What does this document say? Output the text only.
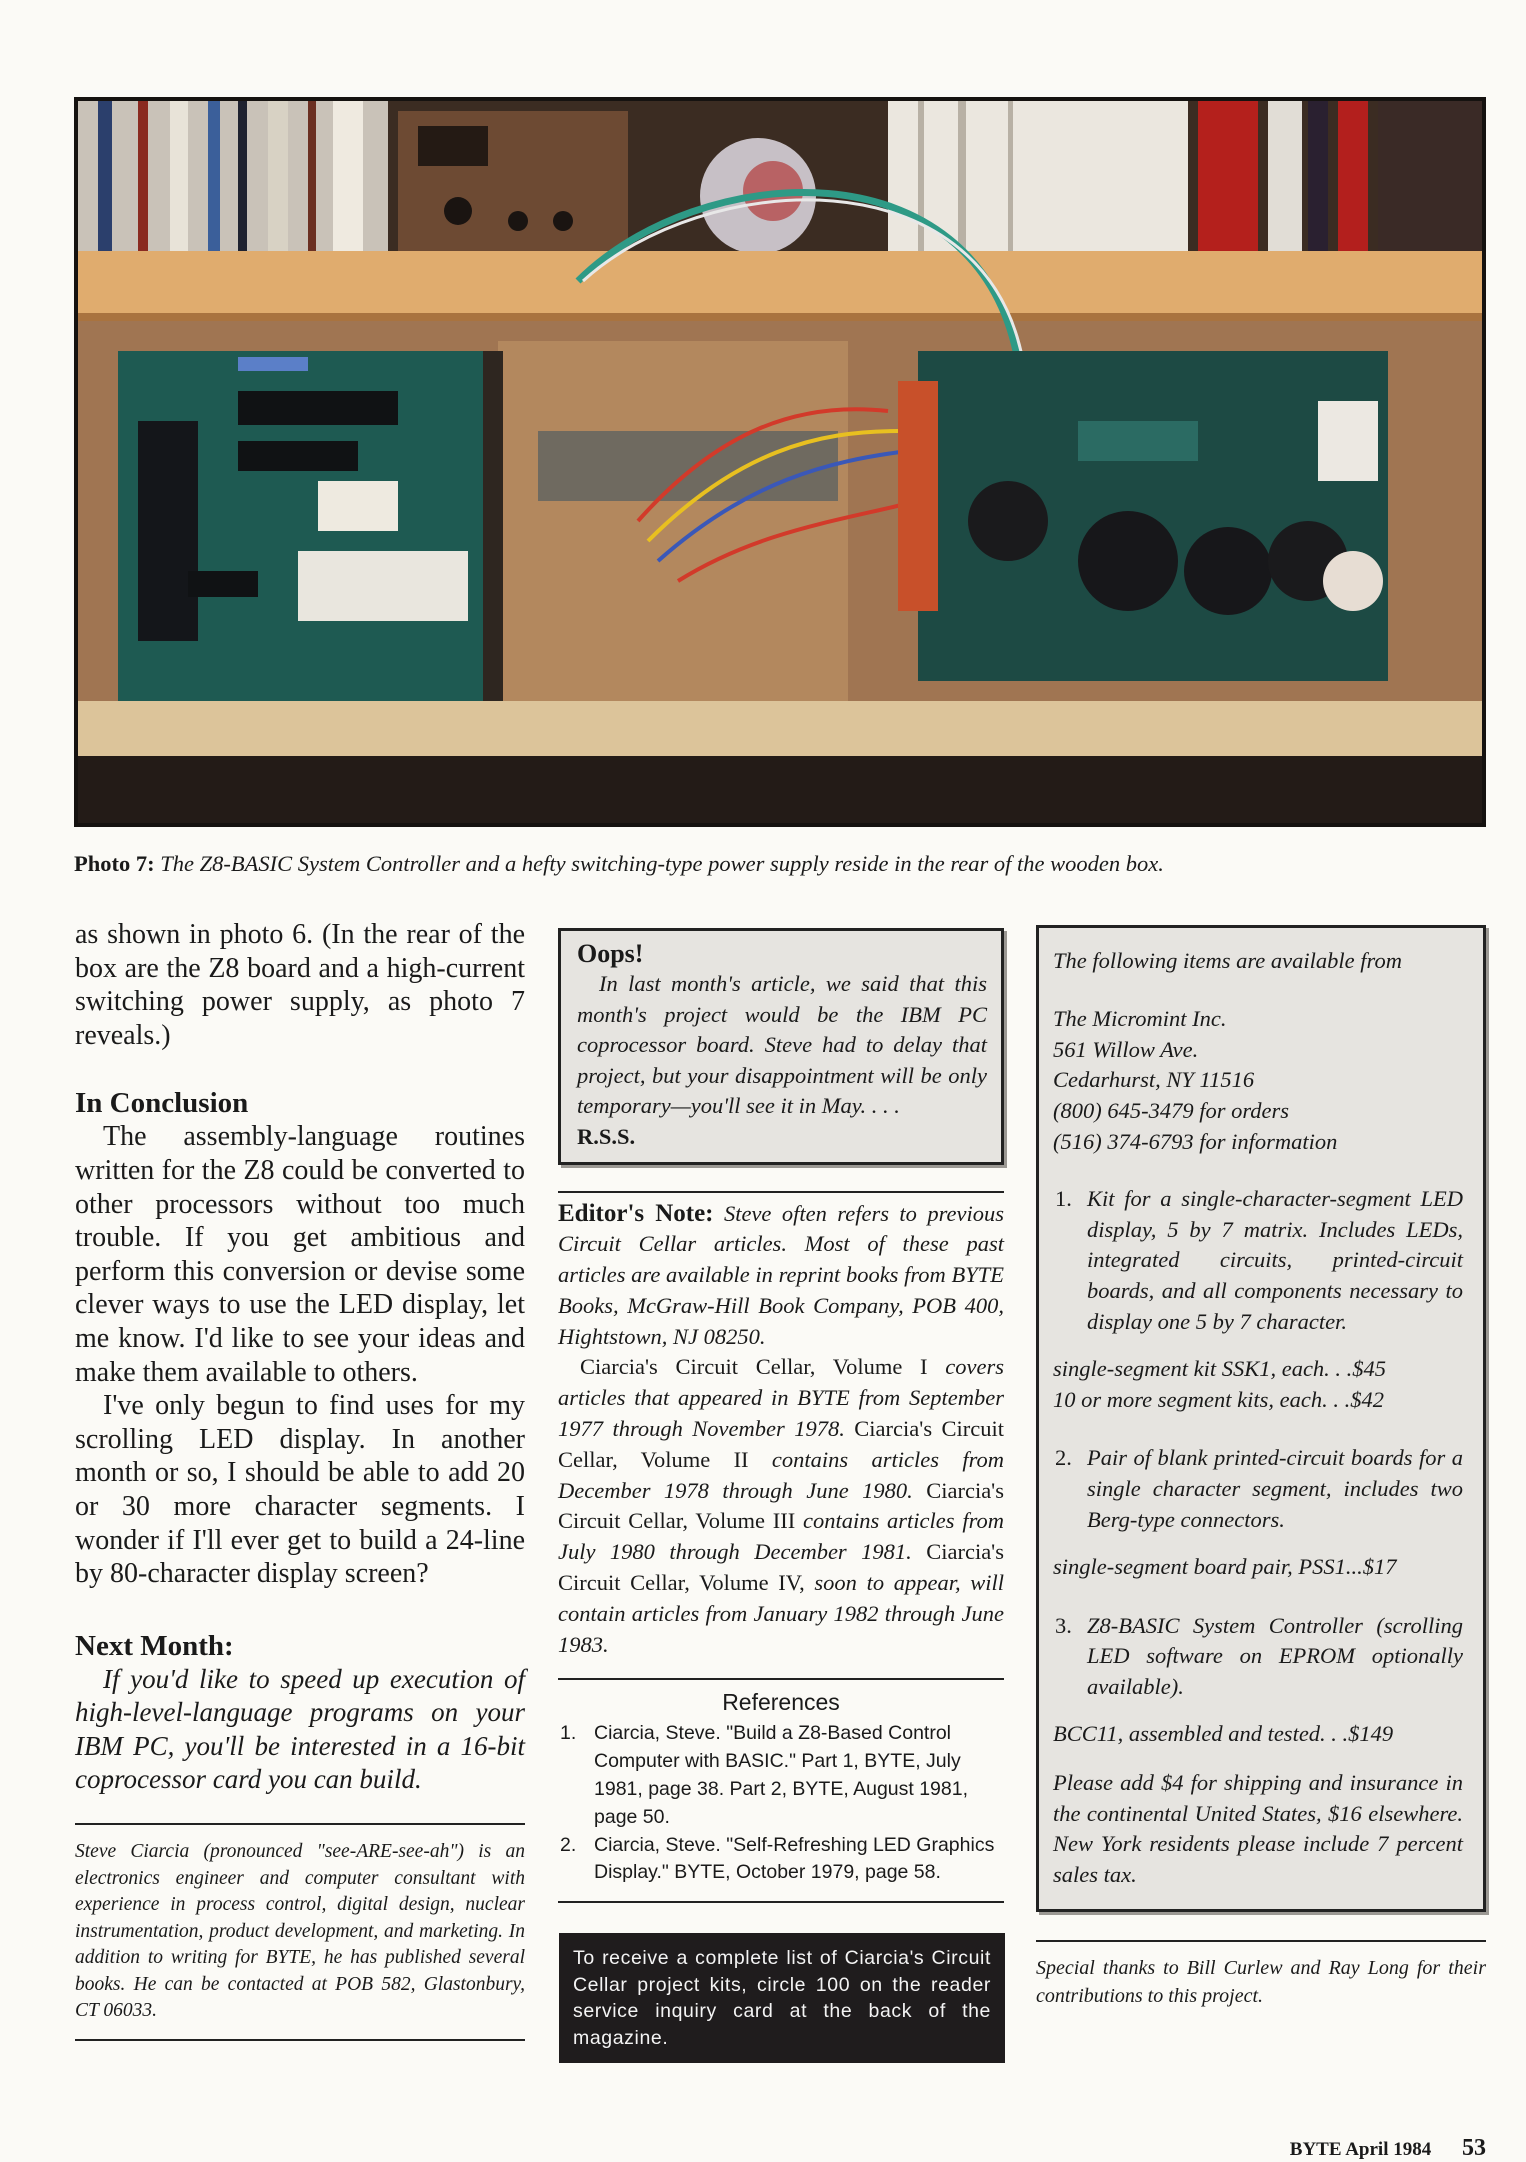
Photo 7: The Z8-BASIC System Controller and a hefty switching-type power supply reside in the rear of the wooden box.

as shown in photo 6. (In the rear of the box are the Z8 board and a high-current switching power supply, as photo 7 reveals.)

In Conclusion

The assembly-language routines written for the Z8 could be converted to other processors without too much trouble. If you get ambitious and perform this conversion or devise some clever ways to use the LED display, let me know. I'd like to see your ideas and make them available to others.

I've only begun to find uses for my scrolling LED display. In another month or so, I should be able to add 20 or 30 more character segments. I wonder if I'll ever get to build a 24-line by 80-character display screen?

Next Month:

If you'd like to speed up execution of high-level-language programs on your IBM PC, you'll be interested in a 16-bit coprocessor card you can build.

Steve Ciarcia (pronounced "see-ARE-see-ah") is an electronics engineer and computer consultant with experience in process control, digital design, nuclear instrumentation, product development, and marketing. In addition to writing for BYTE, he has published several books. He can be contacted at POB 582, Glastonbury, CT 06033.
Oops!

In last month's article, we said that this month's project would be the IBM PC coprocessor board. Steve had to delay that project, but your disappointment will be only temporary—you'll see it in May. . . .

R.S.S.

Editor's Note: Steve often refers to previous Circuit Cellar articles. Most of these past articles are available in reprint books from BYTE Books, McGraw-Hill Book Company, POB 400, Hightstown, NJ 08250.

Ciarcia's Circuit Cellar, Volume I covers articles that appeared in BYTE from September 1977 through November 1978. Ciarcia's Circuit Cellar, Volume II contains articles from December 1978 through June 1980. Ciarcia's Circuit Cellar, Volume III contains articles from July 1980 through December 1981. Ciarcia's Circuit Cellar, Volume IV, soon to appear, will contain articles from January 1982 through June 1983.

References
1. Ciarcia, Steve. "Build a Z8-Based Control Computer with BASIC." Part 1, BYTE, July 1981, page 38. Part 2, BYTE, August 1981, page 50.
2. Ciarcia, Steve. "Self-Refreshing LED Graphics Display." BYTE, October 1979, page 58.
To receive a complete list of Ciarcia's Circuit Cellar project kits, circle 100 on the reader service inquiry card at the back of the magazine.

The following items are available from

The Micromint Inc.

561 Willow Ave.

Cedarhurst, NY 11516

(800) 645-3479 for orders

(516) 374-6793 for information

1. Kit for a single-character-segment LED display, 5 by 7 matrix. Includes LEDs, integrated circuits, printed-circuit boards, and all components necessary to display one 5 by 7 character.

single-segment kit SSK1, each. . .$45

10 or more segment kits, each. . .$42

2. Pair of blank printed-circuit boards for a single character segment, includes two Berg-type connectors.

single-segment board pair, PSS1...$17

3. Z8-BASIC System Controller (scrolling LED software on EPROM optionally available).

BCC11, assembled and tested. . .$149

Please add $4 for shipping and insurance in the continental United States, $16 elsewhere. New York residents please include 7 percent sales tax.

Special thanks to Bill Curlew and Ray Long for their contributions to this project.
BYTE April 1984 53
